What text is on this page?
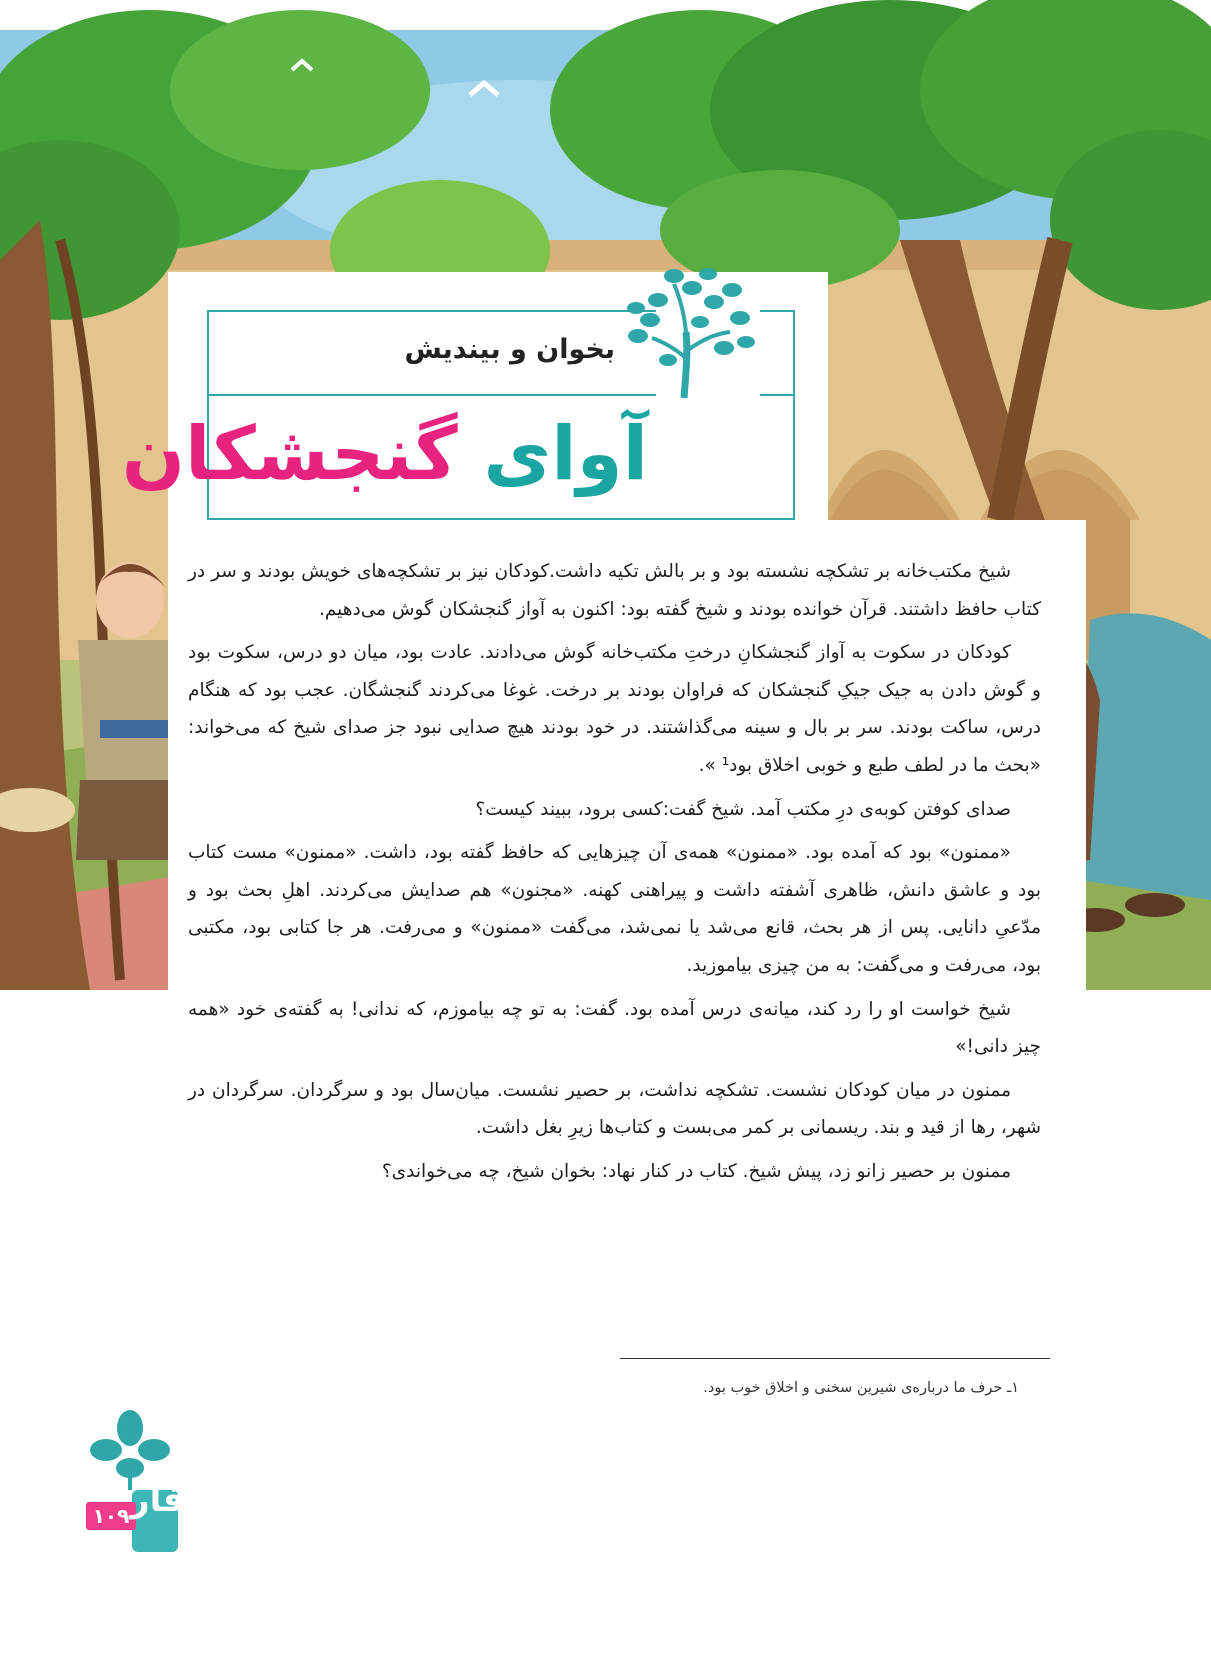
بخوان و بیندیش
آوای گنجشکان

شیخ مکتب‌خانه بر تشکچه نشسته بود و بر بالش تکیه داشت.کودکان نیز بر تشکچه‌های خویش بودند و سر در کتاب حافظ داشتند. قرآن خوانده بودند و شیخ گفته بود: اکنون به آواز گنجشکان گوش می‌دهیم.

کودکان در سکوت به آواز گنجشکانِ درختِ مکتب‌خانه گوش می‌دادند. عادت بود، میان دو درس، سکوت بود و گوش دادن به جیک جیکِ گنجشکان که فراوان بودند بر درخت. غوغا می‌کردند گنجشگان. عجب بود که هنگام درس، ساکت بودند. سر بر بال و سینه می‌گذاشتند. در خود بودند هیچ صدایی نبود جز صدای شیخ که می‌خواند: «بحث ما در لطف طبع و خوبی اخلاق بود¹ ».

صدای کوفتن کوبه‌ی درِ مکتب آمد. شیخ گفت:کسی برود، ببیند کیست؟

«ممنون» بود که آمده بود. «ممنون» همه‌ی آن چیزهایی که حافظ گفته بود، داشت. «ممنون» مست کتاب بود و عاشق دانش، ظاهری آشفته داشت و پیراهنی کهنه. «مجنون» هم صدایش می‌کردند. اهلِ بحث بود و مدّعیِ دانایی. پس از هر بحث، قانع می‌شد یا نمی‌شد، می‌گفت «ممنون» و می‌رفت. هر جا کتابی بود، مکتبی بود، می‌رفت و می‌گفت: به من چیزی بیاموزید.

شیخ خواست او را رد کند، میانه‌ی درس آمده بود. گفت: به تو چه بیاموزم، که ندانی! به گفته‌ی خود «همه چیز دانی!»

ممنون در میان کودکان نشست. تشکچه نداشت، بر حصیر نشست. میان‌سال بود و سرگردان. سرگردان در شهر، رها از قید و بند. ریسمانی بر کمر می‌بست و کتاب‌ها زیرِ بغل داشت.

ممنون بر حصیر زانو زد، پیش شیخ. کتاب در کنار نهاد: بخوان شیخ، چه می‌خواندی؟

۱ـ حرف ما درباره‌ی شیرین سخنی و اخلاق خوب بود.
۱۰۹ فار
